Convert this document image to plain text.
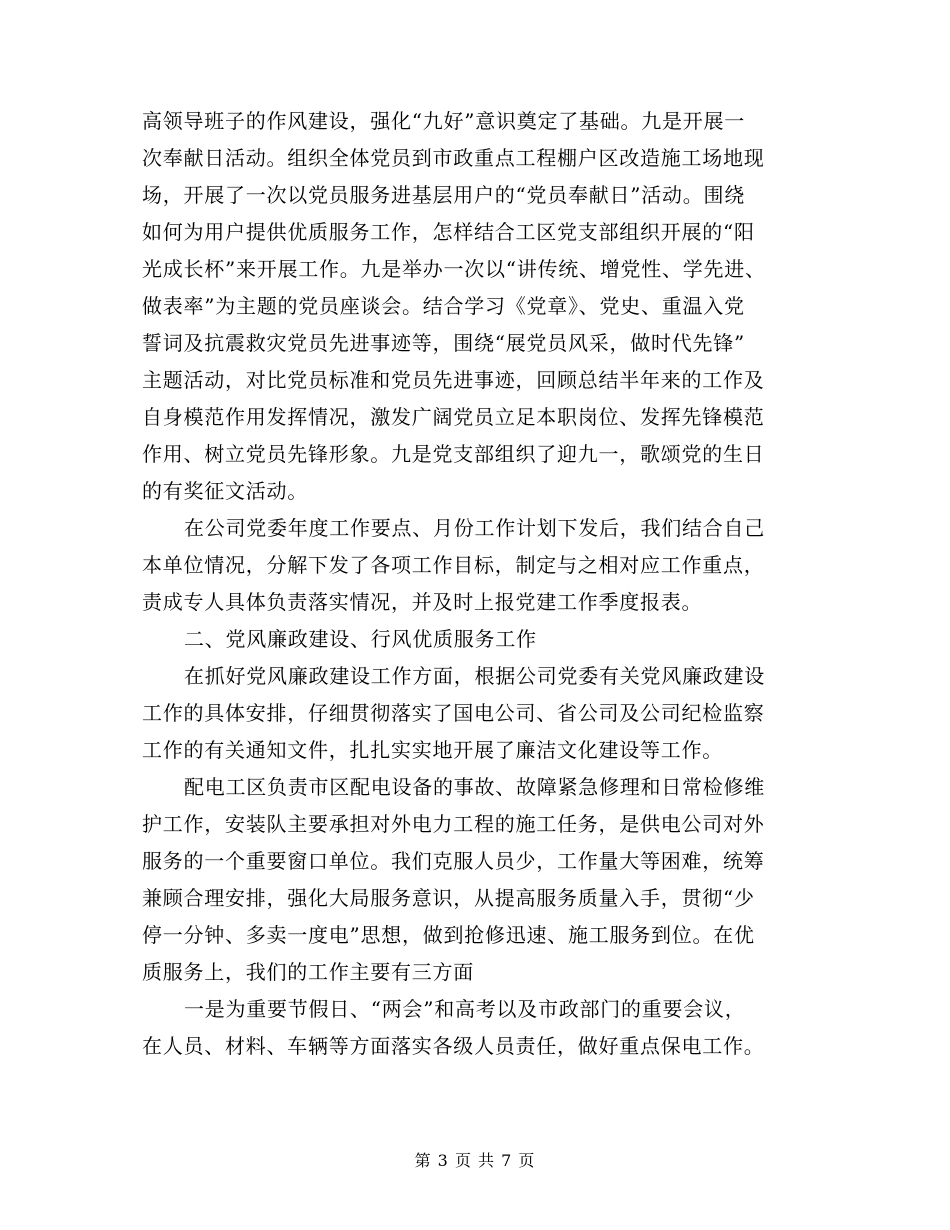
高领导班子的作风建设，强化“九好”意识奠定了基础。九是开展一
次奉献日活动。组织全体党员到市政重点工程棚户区改造施工场地现
场，开展了一次以党员服务进基层用户的“党员奉献日”活动。围绕
如何为用户提供优质服务工作，怎样结合工区党支部组织开展的“阳
光成长杯”来开展工作。九是举办一次以“讲传统、增党性、学先进、
做表率”为主题的党员座谈会。结合学习《党章》、党史、重温入党
誓词及抗震救灾党员先进事迹等，围绕“展党员风采，做时代先锋”
主题活动，对比党员标准和党员先进事迹，回顾总结半年来的工作及
自身模范作用发挥情况，激发广阔党员立足本职岗位、发挥先锋模范
作用、树立党员先锋形象。九是党支部组织了迎九一，歌颂党的生日
的有奖征文活动。
在公司党委年度工作要点、月份工作计划下发后，我们结合自己
本单位情况，分解下发了各项工作目标，制定与之相对应工作重点，
责成专人具体负责落实情况，并及时上报党建工作季度报表。
二、党风廉政建设、行风优质服务工作
在抓好党风廉政建设工作方面，根据公司党委有关党风廉政建设
工作的具体安排，仔细贯彻落实了国电公司、省公司及公司纪检监察
工作的有关通知文件，扎扎实实地开展了廉洁文化建设等工作。
配电工区负责市区配电设备的事故、故障紧急修理和日常检修维
护工作，安装队主要承担对外电力工程的施工任务，是供电公司对外
服务的一个重要窗口单位。我们克服人员少，工作量大等困难，统筹
兼顾合理安排，强化大局服务意识，从提高服务质量入手，贯彻“少
停一分钟、多卖一度电”思想，做到抢修迅速、施工服务到位。在优
质服务上，我们的工作主要有三方面
一是为重要节假日、“两会”和高考以及市政部门的重要会议，
在人员、材料、车辆等方面落实各级人员责任，做好重点保电工作。
第 3 页 共 7 页
